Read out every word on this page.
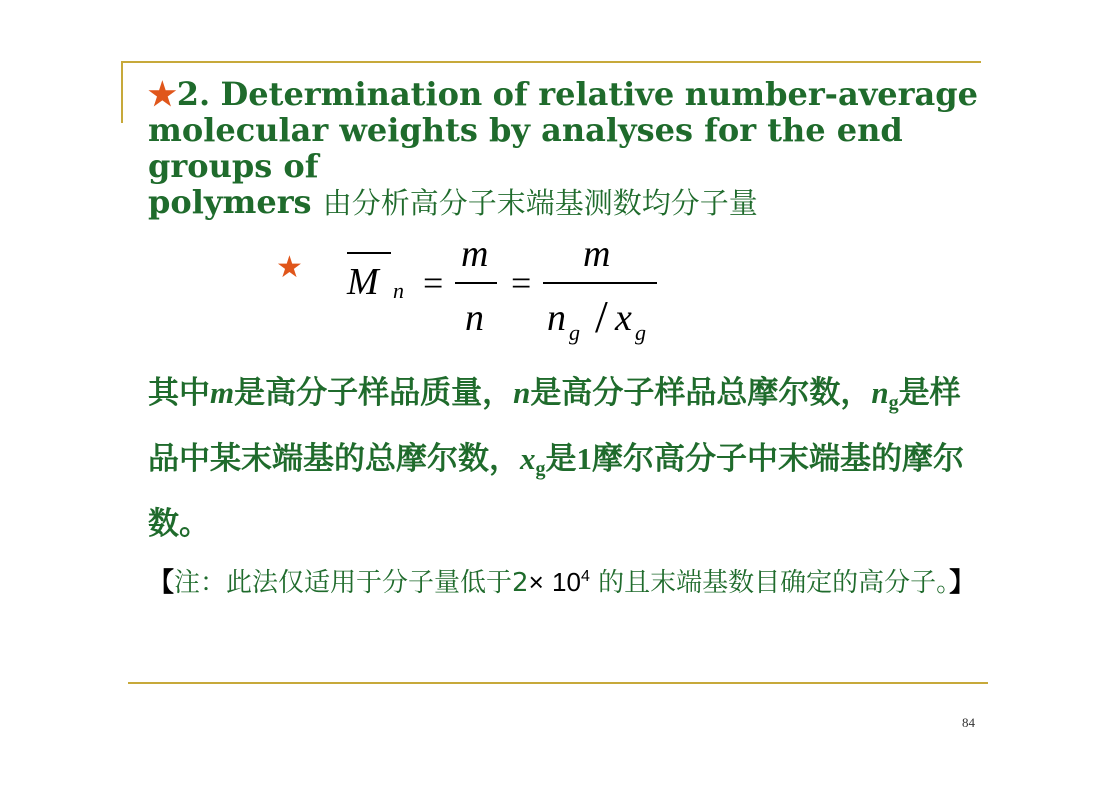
★2. Determination of relative number-average
molecular weights by analyses for the end groups of
polymers 由分析高分子末端基测数均分子量
★ M n =
m
n
=
m
n g / x g
其中m是高分子样品质量，n是高分子样品总摩尔数，$n_g$是样品中某末端基的总摩尔数，$x_g$是1摩尔高分子中末端基的摩尔数。
【注：此法仅适用于分子量低于$2\times 10^4$ 的且末端基数目确定的高分子。】
84
